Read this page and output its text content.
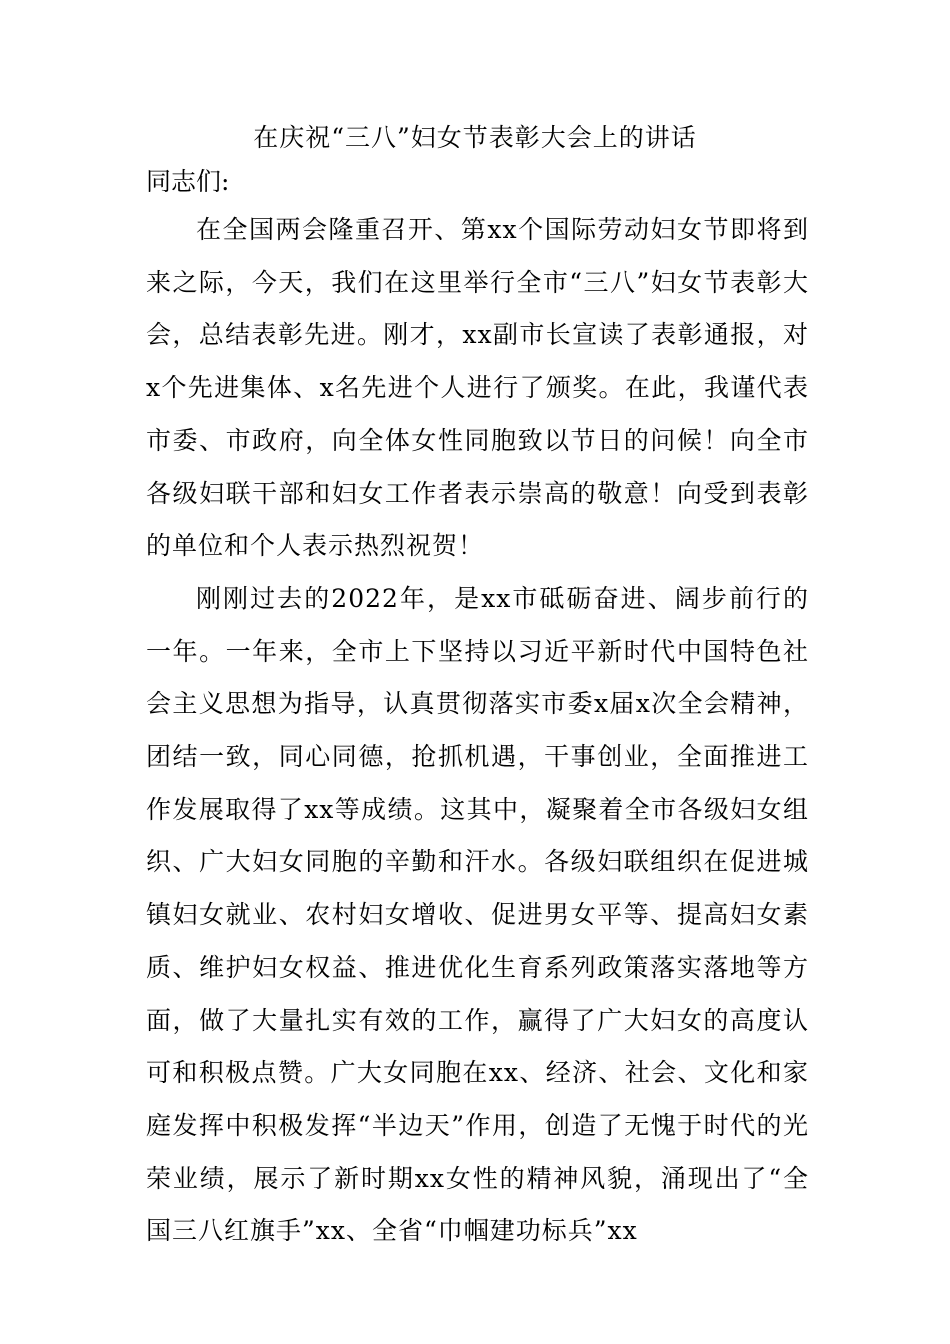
在庆祝“三八”妇女节表彰大会上的讲话
同志们:

在全国两会隆重召开、第xx个国际劳动妇女节即将到来之际，今天，我们在这里举行全市“三八”妇女节表彰大会，总结表彰先进。刚才，xx副市长宣读了表彰通报，对x个先进集体、x名先进个人进行了颁奖。在此，我谨代表市委、市政府，向全体女性同胞致以节日的问候！向全市各级妇联干部和妇女工作者表示崇高的敬意！向受到表彰的单位和个人表示热烈祝贺！

刚刚过去的2022年，是xx市砥砺奋进、阔步前行的一年。一年来，全市上下坚持以习近平新时代中国特色社会主义思想为指导，认真贯彻落实市委x届x次全会精神，团结一致，同心同德，抢抓机遇，干事创业，全面推进工作发展取得了xx等成绩。这其中，凝聚着全市各级妇女组织、广大妇女同胞的辛勤和汗水。各级妇联组织在促进城镇妇女就业、农村妇女增收、促进男女平等、提高妇女素质、维护妇女权益、推进优化生育系列政策落实落地等方面，做了大量扎实有效的工作，赢得了广大妇女的高度认可和积极点赞。广大女同胞在xx、经济、社会、文化和家庭发挥中积极发挥“半边天”作用，创造了无愧于时代的光荣业绩，展示了新时期xx女性的精神风貌，涌现出了“全国三八红旗手”xx、全省“巾帼建功标兵”xx
